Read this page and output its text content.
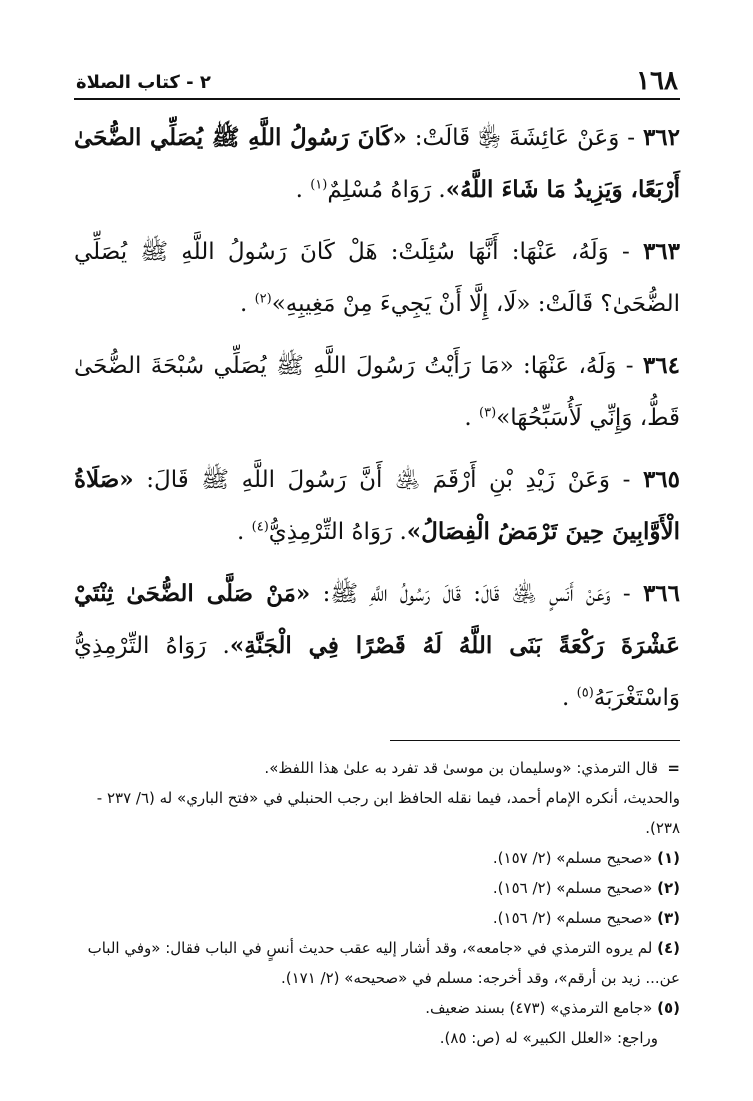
١٦٨
٢ - كتاب الصلاة

٣٦٢ - وَعَنْ عَائِشَةَ ﵂ قَالَتْ: «كَانَ رَسُولُ اللَّهِ ﷺ يُصَلِّي الضُّحَىٰ أَرْبَعًا، وَيَزِيدُ مَا شَاءَ اللَّهُ». رَوَاهُ مُسْلِمٌ$^{(١)}$ .

٣٦٣ - وَلَهُ، عَنْهَا: أَنَّهَا سُئِلَتْ: هَلْ كَانَ رَسُولُ اللَّهِ ﷺ يُصَلِّي الضُّحَىٰ؟ قَالَتْ: «لَا، إِلَّا أَنْ يَجِيءَ مِنْ مَغِيبِهِ»$^{(٢)}$ .

٣٦٤ - وَلَهُ، عَنْهَا: «مَا رَأَيْتُ رَسُولَ اللَّهِ ﷺ يُصَلِّي سُبْحَةَ الضُّحَىٰ قَطُّ، وَإِنِّي لَأُسَبِّحُهَا»$^{(٣)}$ .

٣٦٥ - وَعَنْ زَيْدِ بْنِ أَرْقَمَ ﵁ أَنَّ رَسُولَ اللَّهِ ﷺ قَالَ: «صَلَاةُ الْأَوَّابِينَ حِينَ تَرْمَضُ الْفِصَالُ». رَوَاهُ التِّرْمِذِيُّ$^{(٤)}$ .

٣٦٦ - وَعَنْ أَنَسٍ ﵁ قَالَ: قَالَ رَسُولُ اللَّهِ ﷺ: «مَنْ صَلَّى الضُّحَىٰ ثِنْتَيْ عَشْرَةَ رَكْعَةً بَنَى اللَّهُ لَهُ قَصْرًا فِي الْجَنَّةِ». رَوَاهُ التِّرْمِذِيُّ وَاسْتَغْرَبَهُ$^{(٥)}$ .

=قال الترمذي: «وسليمان بن موسىٰ قد تفرد به علىٰ هذا اللفظ».

والحديث، أنكره الإمام أحمد، فيما نقله الحافظ ابن رجب الحنبلي في «فتح الباري» له (٦/ ٢٣٧ - ٢٣٨).

(١) «صحيح مسلم» (٢/ ١٥٧).

(٢) «صحيح مسلم» (٢/ ١٥٦).

(٣) «صحيح مسلم» (٢/ ١٥٦).

(٤) لم يروه الترمذي في «جامعه»، وقد أشار إليه عقب حديث أنسٍ في الباب فقال: «وفي الباب عن... زيد بن أرقم»، وقد أخرجه: مسلم في «صحيحه» (٢/ ١٧١).

(٥) «جامع الترمذي» (٤٧٣) بسند ضعيف.

وراجع: «العلل الكبير» له (ص: ٨٥).
